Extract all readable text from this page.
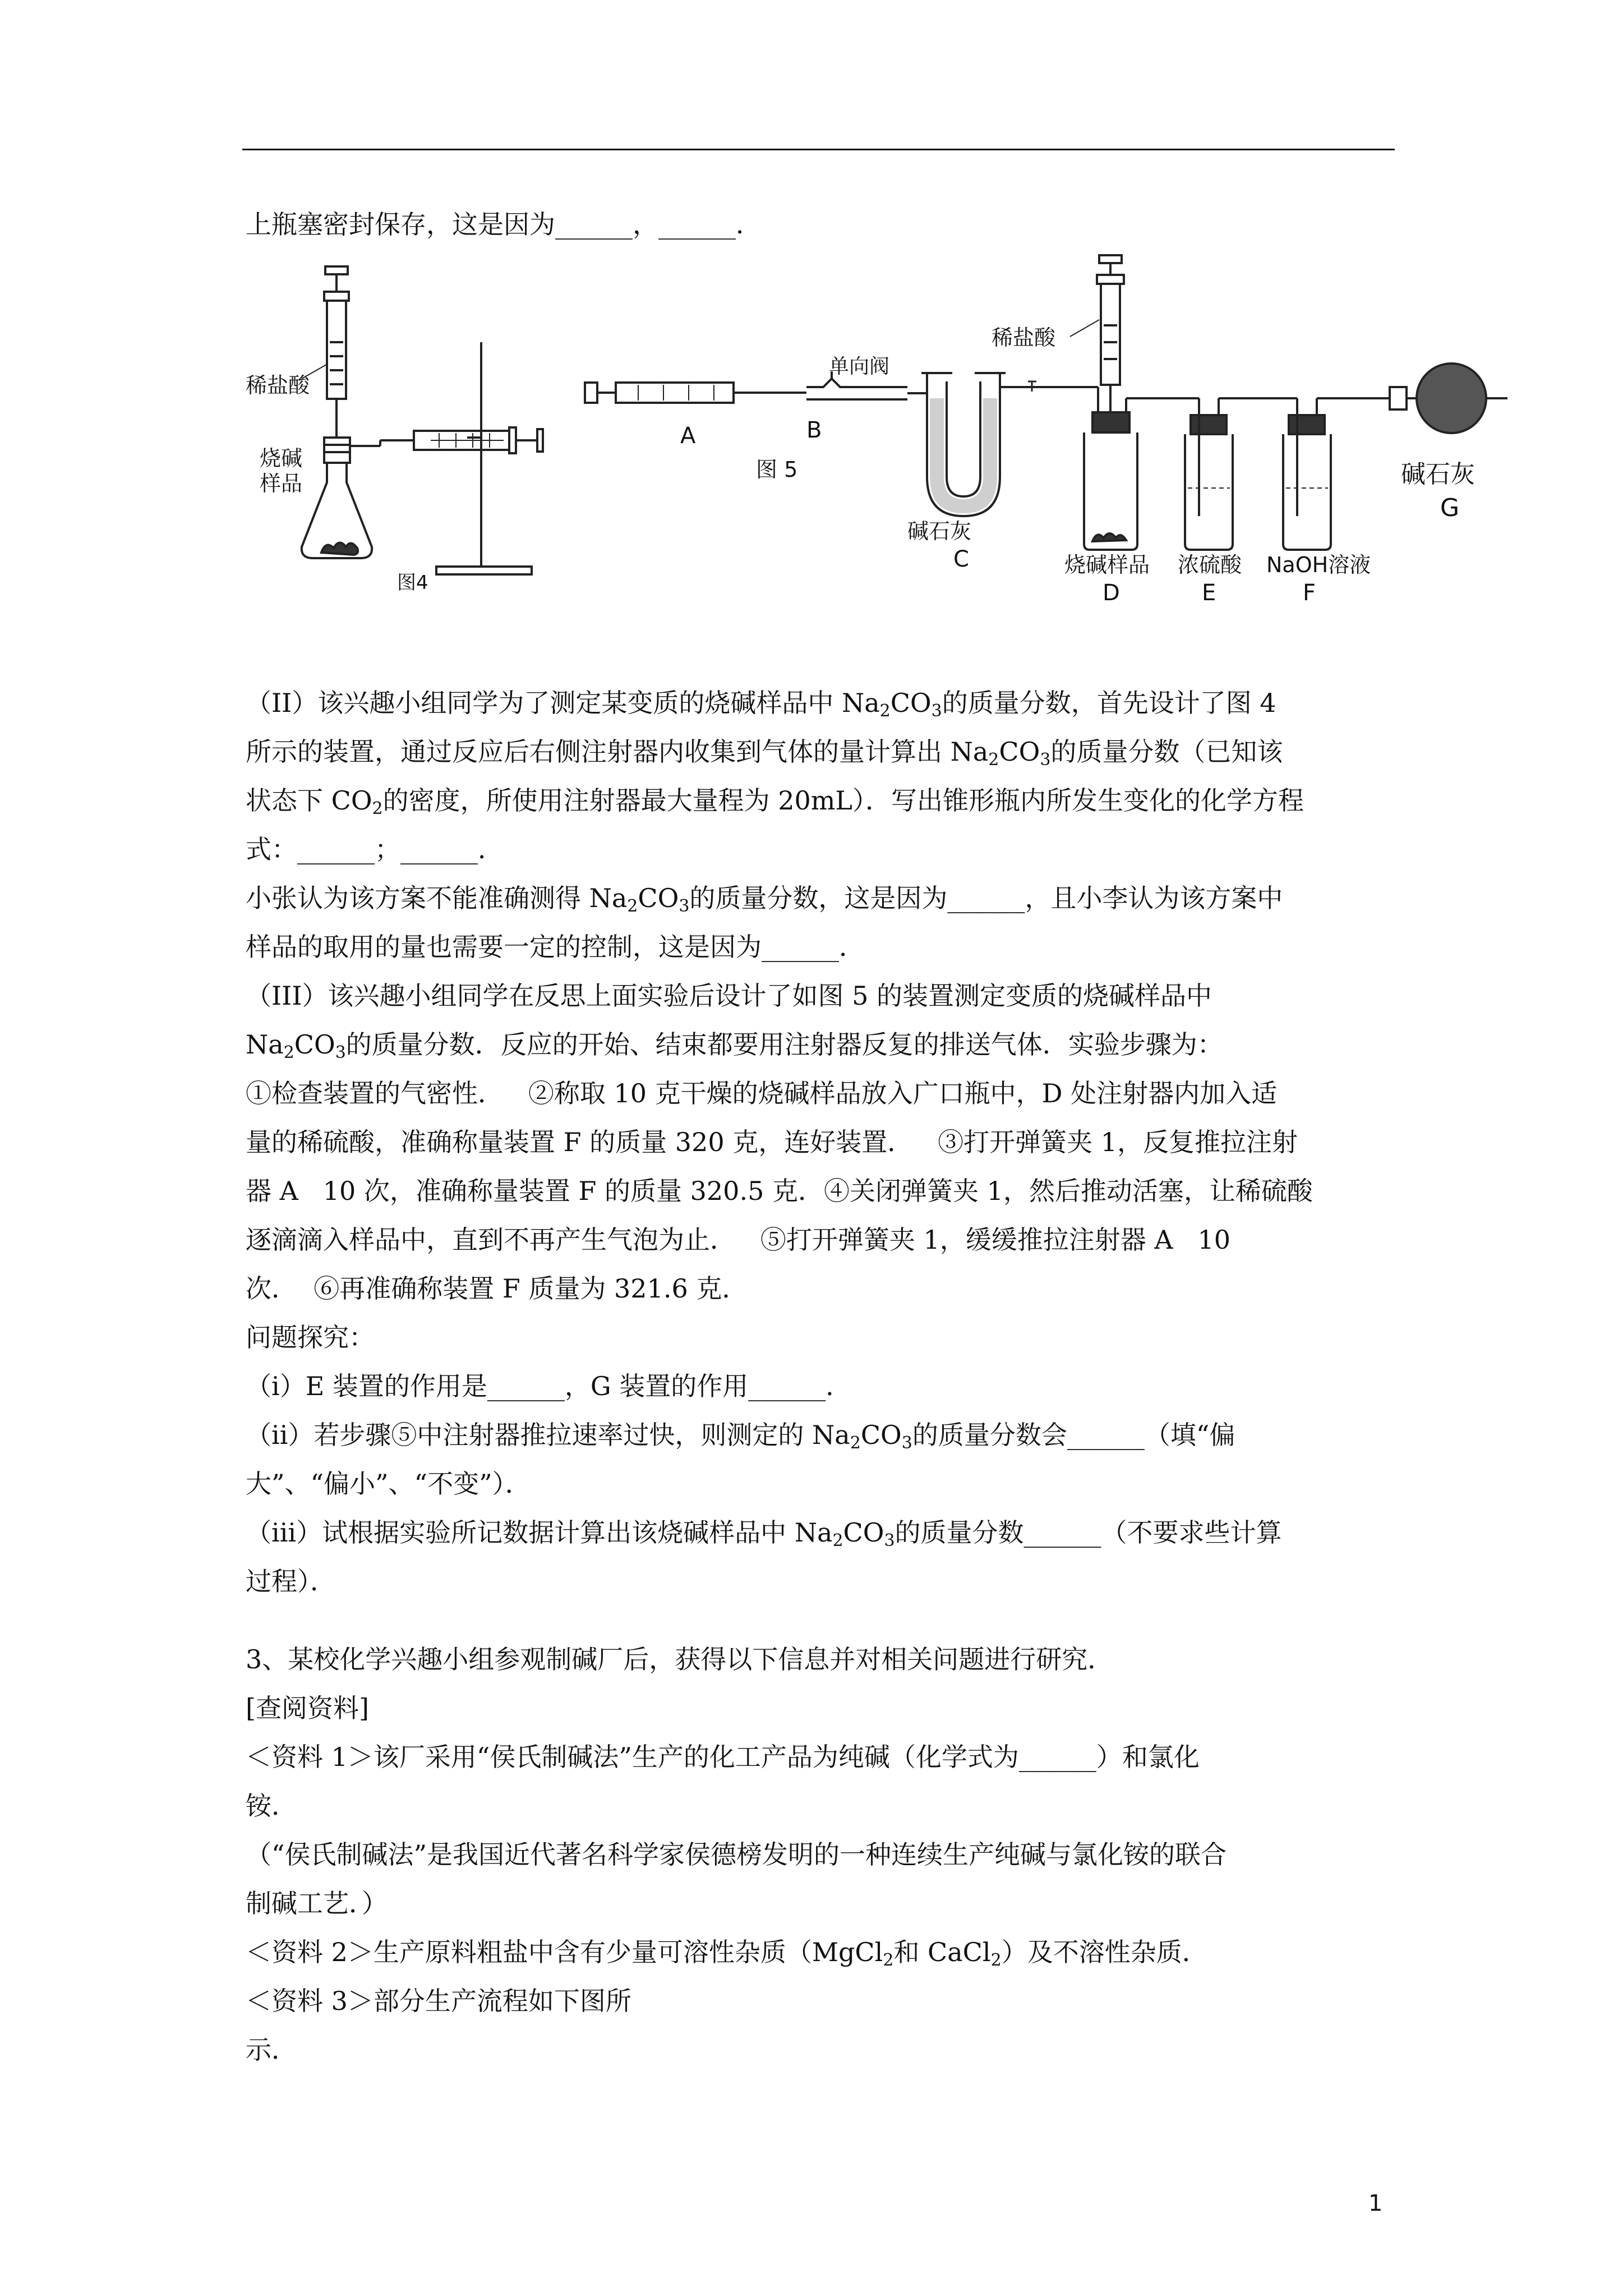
上瓶塞密封保存，这是因为______，______．
稀盐酸
烧碱
样品
图4
A	B
单向阀
图 5
碱石灰
C
稀盐酸
烧碱样品
D
浓硫酸
E
NaOH溶液
F
碱石灰
G
（II）该兴趣小组同学为了测定某变质的烧碱样品中 $Na_2CO_3$的质量分数，首先设计了图 4
所示的装置，通过反应后右侧注射器内收集到气体的量计算出 $Na_2CO_3$的质量分数（已知该
状态下 $CO_2$的密度，所使用注射器最大量程为 20mL）．写出锥形瓶内所发生变化的化学方程
式：______；______．
小张认为该方案不能准确测得 $Na_2CO_3$的质量分数，这是因为______，且小李认为该方案中
样品的取用的量也需要一定的控制，这是因为______．
（III）该兴趣小组同学在反思上面实验后设计了如图 5 的装置测定变质的烧碱样品中
$Na_2CO_3$的质量分数．反应的开始、结束都要用注射器反复的排送气体．实验步骤为：
①检查装置的气密性．   ②称取 10 克干燥的烧碱样品放入广口瓶中，D 处注射器内加入适
量的稀硫酸，准确称量装置 F 的质量 320 克，连好装置．   ③打开弹簧夹 1，反复推拉注射
器 A   10 次，准确称量装置 F 的质量 320.5 克．④关闭弹簧夹 1，然后推动活塞，让稀硫酸
逐滴滴入样品中，直到不再产生气泡为止．   ⑤打开弹簧夹 1，缓缓推拉注射器 A   10
次．  ⑥再准确称装置 F 质量为 321.6 克．
问题探究：
（i）E 装置的作用是______，G 装置的作用______．
（ii）若步骤⑤中注射器推拉速率过快，则测定的 $Na_2CO_3$的质量分数会______（填“偏
大”、“偏小”、“不变”）．
（iii）试根据实验所记数据计算出该烧碱样品中 $Na_2CO_3$的质量分数______（不要求些计算
过程）．
3、某校化学兴趣小组参观制碱厂后，获得以下信息并对相关问题进行研究．
[查阅资料]
＜资料 1＞该厂采用“侯氏制碱法”生产的化工产品为纯碱（化学式为______）和氯化
铵．
（“侯氏制碱法”是我国近代著名科学家侯德榜发明的一种连续生产纯碱与氯化铵的联合
制碱工艺．）
＜资料 2＞生产原料粗盐中含有少量可溶性杂质（MgCl$_2$和 CaCl$_2$）及不溶性杂质．
＜资料 3＞部分生产流程如下图所
示．
1
